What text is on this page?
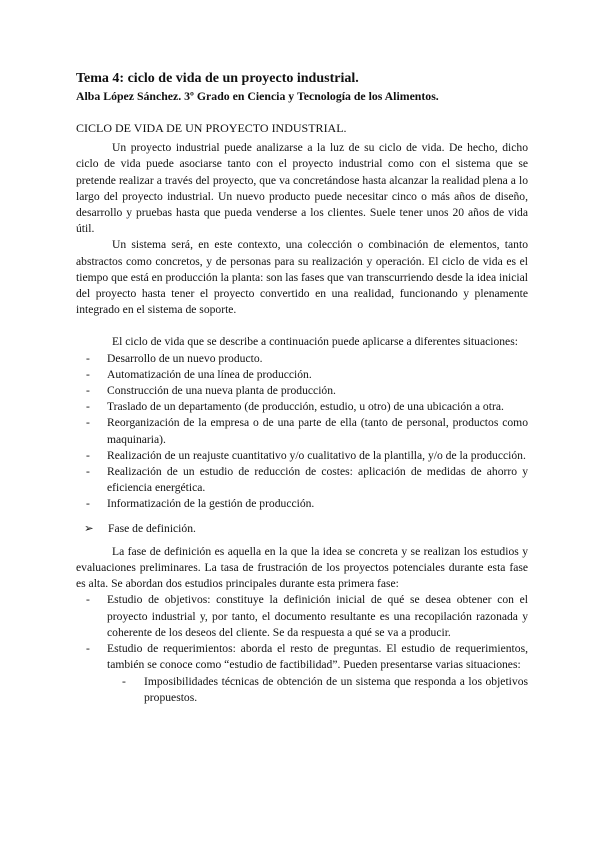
Tema 4: ciclo de vida de un proyecto industrial.
Alba López Sánchez. 3º Grado en Ciencia y Tecnología de los Alimentos.
CICLO DE VIDA DE UN PROYECTO INDUSTRIAL.

Un proyecto industrial puede analizarse a la luz de su ciclo de vida. De hecho, dicho ciclo de vida puede asociarse tanto con el proyecto industrial como con el sistema que se pretende realizar a través del proyecto, que va concretándose hasta alcanzar la realidad plena a lo largo del proyecto industrial. Un nuevo producto puede necesitar cinco o más años de diseño, desarrollo y pruebas hasta que pueda venderse a los clientes. Suele tener unos 20 años de vida útil.

Un sistema será, en este contexto, una colección o combinación de elementos, tanto abstractos como concretos, y de personas para su realización y operación. El ciclo de vida es el tiempo que está en producción la planta: son las fases que van transcurriendo desde la idea inicial del proyecto hasta tener el proyecto convertido en una realidad, funcionando y plenamente integrado en el sistema de soporte.

El ciclo de vida que se describe a continuación puede aplicarse a diferentes situaciones:

- Desarrollo de un nuevo producto.
- Automatización de una línea de producción.
- Construcción de una nueva planta de producción.
- Traslado de un departamento (de producción, estudio, u otro) de una ubicación a otra.
- Reorganización de la empresa o de una parte de ella (tanto de personal, productos como maquinaria).
- Realización de un reajuste cuantitativo y/o cualitativo de la plantilla, y/o de la producción.
- Realización de un estudio de reducción de costes: aplicación de medidas de ahorro y eficiencia energética.
- Informatización de la gestión de producción.
➢ Fase de definición.

La fase de definición es aquella en la que la idea se concreta y se realizan los estudios y evaluaciones preliminares. La tasa de frustración de los proyectos potenciales durante esta fase es alta. Se abordan dos estudios principales durante esta primera fase:

- Estudio de objetivos: constituye la definición inicial de qué se desea obtener con el proyecto industrial y, por tanto, el documento resultante es una recopilación razonada y coherente de los deseos del cliente. Se da respuesta a qué se va a producir.
- Estudio de requerimientos: aborda el resto de preguntas. El estudio de requerimientos, también se conoce como “estudio de factibilidad”. Pueden presentarse varias situaciones:
- Imposibilidades técnicas de obtención de un sistema que responda a los objetivos propuestos.
